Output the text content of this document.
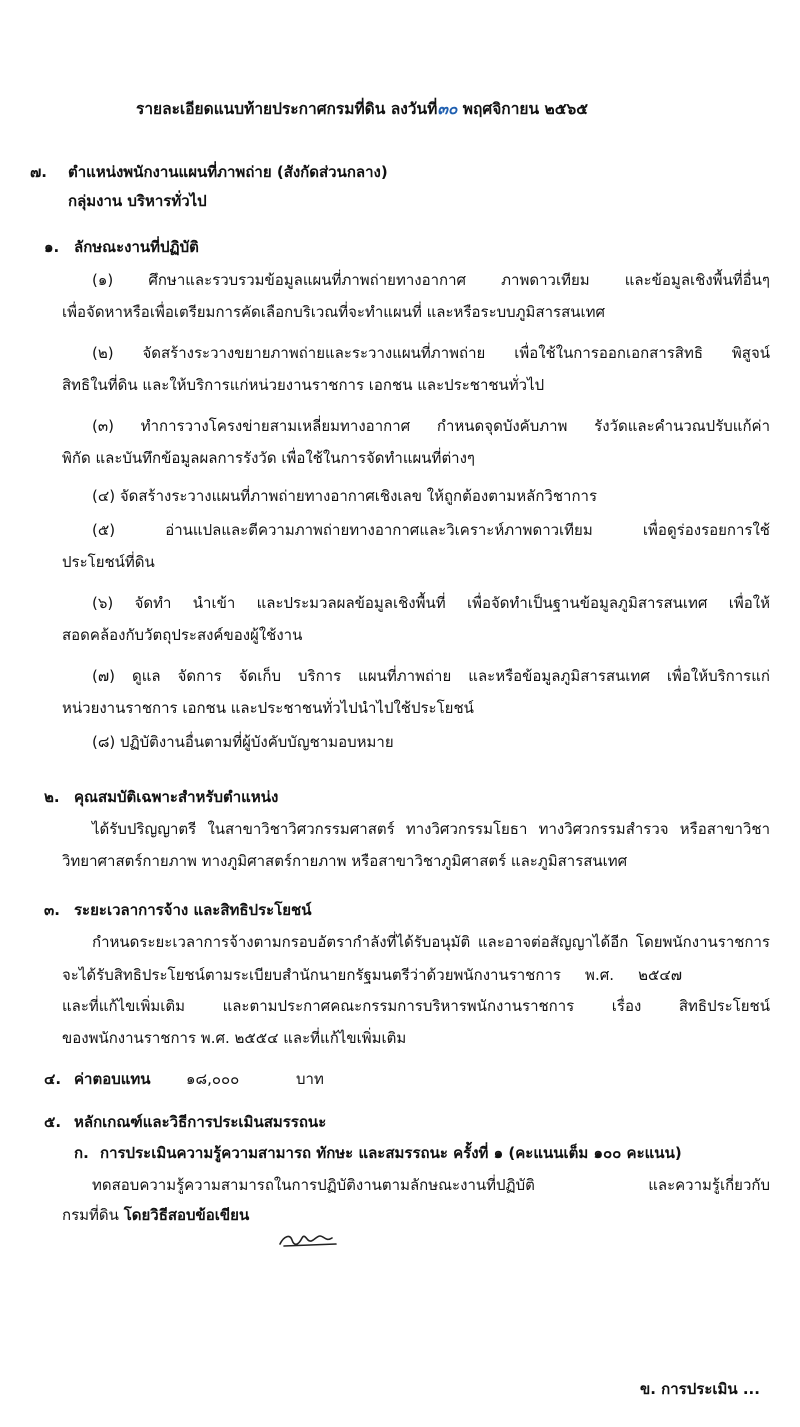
รายละเอียดแนบท้ายประกาศกรมที่ดิน ลงวันที่๓๐ พฤศจิกายน ๒๕๖๕
๗. ตำแหน่งพนักงานแผนที่ภาพถ่าย (สังกัดส่วนกลาง)
กลุ่มงาน บริหารทั่วไป
๑. ลักษณะงานที่ปฏิบัติ
(๑) ศึกษาและรวบรวมข้อมูลแผนที่ภาพถ่ายทางอากาศ ภาพดาวเทียม และข้อมูลเชิงพื้นที่อื่นๆ
เพื่อจัดหาหรือเพื่อเตรียมการคัดเลือกบริเวณที่จะทำแผนที่ และหรือระบบภูมิสารสนเทศ
(๒) จัดสร้างระวางขยายภาพถ่ายและระวางแผนที่ภาพถ่าย เพื่อใช้ในการออกเอกสารสิทธิ พิสูจน์
สิทธิในที่ดิน และให้บริการแก่หน่วยงานราชการ เอกชน และประชาชนทั่วไป
(๓) ทำการวางโครงข่ายสามเหลี่ยมทางอากาศ กำหนดจุดบังคับภาพ รังวัดและคำนวณปรับแก้ค่า
พิกัด และบันทึกข้อมูลผลการรังวัด เพื่อใช้ในการจัดทำแผนที่ต่างๆ
(๔) จัดสร้างระวางแผนที่ภาพถ่ายทางอากาศเชิงเลข ให้ถูกต้องตามหลักวิชาการ
(๕) อ่านแปลและตีความภาพถ่ายทางอากาศและวิเคราะห์ภาพดาวเทียม เพื่อดูร่องรอยการใช้
ประโยชน์ที่ดิน
(๖) จัดทำ นำเข้า และประมวลผลข้อมูลเชิงพื้นที่ เพื่อจัดทำเป็นฐานข้อมูลภูมิสารสนเทศ เพื่อให้
สอดคล้องกับวัตถุประสงค์ของผู้ใช้งาน
(๗) ดูแล จัดการ จัดเก็บ บริการ แผนที่ภาพถ่าย และหรือข้อมูลภูมิสารสนเทศ เพื่อให้บริการแก่
หน่วยงานราชการ เอกชน และประชาชนทั่วไปนำไปใช้ประโยชน์
(๘) ปฏิบัติงานอื่นตามที่ผู้บังคับบัญชามอบหมาย
๒. คุณสมบัติเฉพาะสำหรับตำแหน่ง
ได้รับปริญญาตรี ในสาขาวิชาวิศวกรรมศาสตร์ ทางวิศวกรรมโยธา ทางวิศวกรรมสำรวจ หรือสาขาวิชา
วิทยาศาสตร์กายภาพ ทางภูมิศาสตร์กายภาพ หรือสาขาวิชาภูมิศาสตร์ และภูมิสารสนเทศ
๓. ระยะเวลาการจ้าง และสิทธิประโยชน์
กำหนดระยะเวลาการจ้างตามกรอบอัตรากำลังที่ได้รับอนุมัติ และอาจต่อสัญญาได้อีก โดยพนักงานราชการ
จะได้รับสิทธิประโยชน์ตามระเบียบสำนักนายกรัฐมนตรีว่าด้วยพนักงานราชการ พ.ศ. ๒๕๔๗
และที่แก้ไขเพิ่มเติม และตามประกาศคณะกรรมการบริหารพนักงานราชการ เรื่อง สิทธิประโยชน์
ของพนักงานราชการ พ.ศ. ๒๕๕๔ และที่แก้ไขเพิ่มเติม
๔. ค่าตอบแทน ๑๘,๐๐๐	บาท
๕. หลักเกณฑ์และวิธีการประเมินสมรรถนะ
ก. การประเมินความรู้ความสามารถ ทักษะ และสมรรถนะ ครั้งที่ ๑ (คะแนนเต็ม ๑๐๐ คะแนน)
ทดสอบความรู้ความสามารถในการปฏิบัติงานตามลักษณะงานที่ปฏิบัติ และความรู้เกี่ยวกับ
กรมที่ดิน โดยวิธีสอบข้อเขียน
ข. การประเมิน ...
